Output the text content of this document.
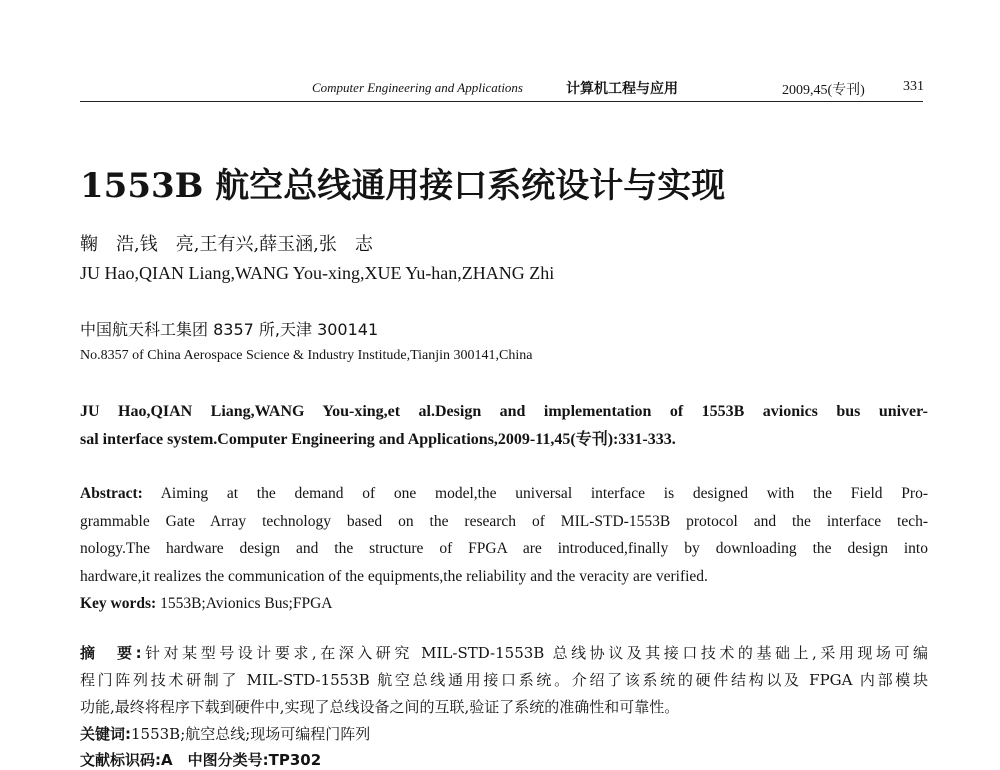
Computer Engineering and Applications	计算机工程与应用	2009,45(专刊)	331
1553B 航空总线通用接口系统设计与实现
鞠　浩,钱　亮,王有兴,薛玉涵,张　志
JU Hao,QIAN Liang,WANG You-xing,XUE Yu-han,ZHANG Zhi
中国航天科工集团 8357 所,天津 300141
No.8357 of China Aerospace Science & Industry Institude,Tianjin 300141,China
JU Hao,QIAN Liang,WANG You-xing,et al.Design and implementation of 1553B avionics bus univer-
sal interface system.Computer Engineering and Applications,2009-11,45(专刊):331-333.
Abstract: Aiming at the demand of one model,the universal interface is designed with the Field Pro-
grammable Gate Array technology based on the research of MIL-STD-1553B protocol and the interface tech-
nology.The hardware design and the structure of FPGA are introduced,finally by downloading the design into
hardware,it realizes the communication of the equipments,the reliability and the veracity are verified.
Key words: 1553B;Avionics Bus;FPGA
摘　要:针对某型号设计要求,在深入研究 MIL-STD-1553B 总线协议及其接口技术的基础上,采用现场可编
程门阵列技术研制了 MIL-STD-1553B 航空总线通用接口系统。介绍了该系统的硬件结构以及 FPGA 内部模块
功能,最终将程序下载到硬件中,实现了总线设备之间的互联,验证了系统的准确性和可靠性。
关键词:1553B;航空总线;现场可编程门阵列
文献标识码:A　中图分类号:TP302
